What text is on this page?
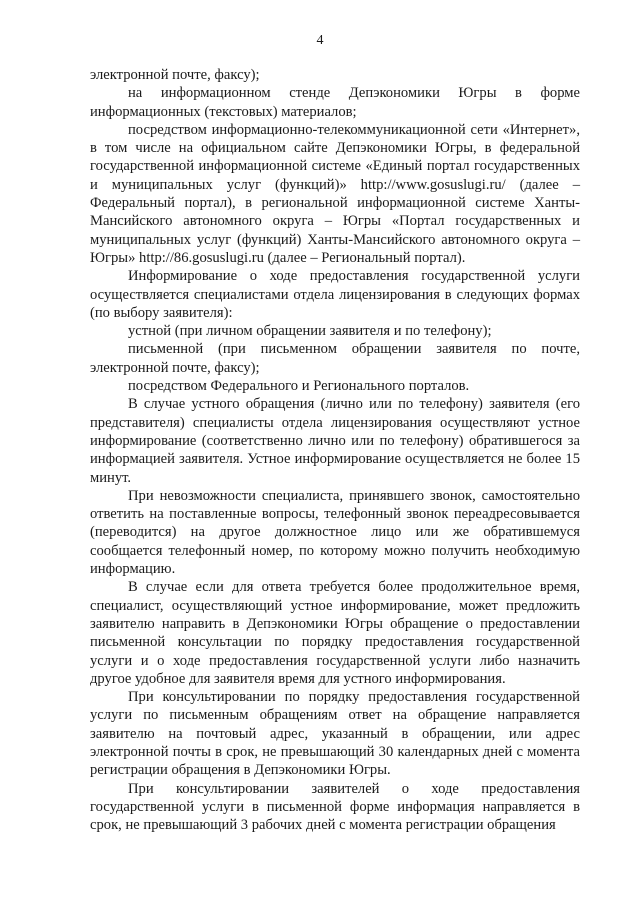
4

электронной почте, факсу);

на информационном стенде Депэкономики Югры в форме информационных (текстовых) материалов;

посредством информационно-телекоммуникационной сети «Интернет», в том числе на официальном сайте Депэкономики Югры, в федеральной государственной информационной системе «Единый портал государственных и муниципальных услуг (функций)» http://www.gosuslugi.ru/ (далее – Федеральный портал), в региональной информационной системе Ханты-Мансийского автономного округа – Югры «Портал государственных и муниципальных услуг (функций) Ханты-Мансийского автономного округа – Югры» http://86.gosuslugi.ru (далее – Региональный портал).

Информирование о ходе предоставления государственной услуги осуществляется специалистами отдела лицензирования в следующих формах (по выбору заявителя):

устной (при личном обращении заявителя и по телефону);

письменной (при письменном обращении заявителя по почте, электронной почте, факсу);

посредством Федерального и Регионального порталов.

В случае устного обращения (лично или по телефону) заявителя (его представителя) специалисты отдела лицензирования осуществляют устное информирование (соответственно лично или по телефону) обратившегося за информацией заявителя. Устное информирование осуществляется не более 15 минут.

При невозможности специалиста, принявшего звонок, самостоятельно ответить на поставленные вопросы, телефонный звонок переадресовывается (переводится) на другое должностное лицо или же обратившемуся сообщается телефонный номер, по которому можно получить необходимую информацию.

В случае если для ответа требуется более продолжительное время, специалист, осуществляющий устное информирование, может предложить заявителю направить в Депэкономики Югры обращение о предоставлении письменной консультации по порядку предоставления государственной услуги и о ходе предоставления государственной услуги либо назначить другое удобное для заявителя время для устного информирования.

При консультировании по порядку предоставления государственной услуги по письменным обращениям ответ на обращение направляется заявителю на почтовый адрес, указанный в обращении, или адрес электронной почты в срок, не превышающий 30 календарных дней с момента регистрации обращения в Депэкономики Югры.

При консультировании заявителей о ходе предоставления государственной услуги в письменной форме информация направляется в срок, не превышающий 3 рабочих дней с момента регистрации обращения
